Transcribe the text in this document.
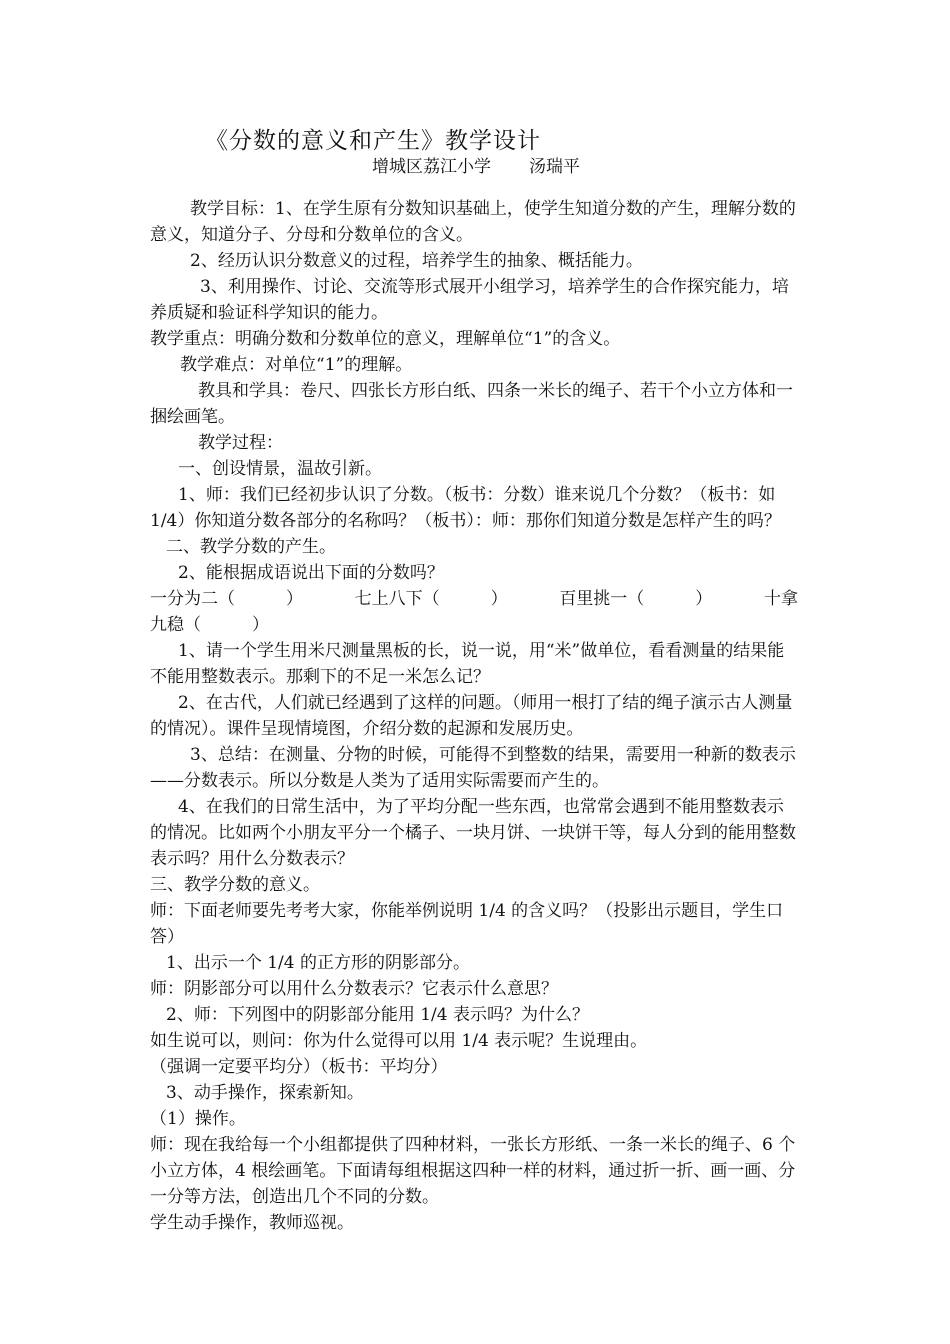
《分数的意义和产生》教学设计
增城区荔江小学 汤瑞平

教学目标：1、在学生原有分数知识基础上，使学生知道分数的产生，理解分数的意义，知道分子、分母和分数单位的含义。

2、经历认识分数意义的过程，培养学生的抽象、概括能力。

3、利用操作、讨论、交流等形式展开小组学习，培养学生的合作探究能力，培养质疑和验证科学知识的能力。

教学重点：明确分数和分数单位的意义，理解单位“1”的含义。

教学难点：对单位“1”的理解。

教具和学具：卷尺、四张长方形白纸、四条一米长的绳子、若干个小立方体和一捆绘画笔。

教学过程：

一、创设情景，温故引新。

1、师：我们已经初步认识了分数。（板书：分数）谁来说几个分数？（板书：如1/4）你知道分数各部分的名称吗？（板书）：师：那你们知道分数是怎样产生的吗？

二、教学分数的产生。

2、能根据成语说出下面的分数吗？

一分为二（　　　）	七上八下（　　　）	百里挑一（　　　）	十拿

九稳（　　　）

1、请一个学生用米尺测量黑板的长，说一说，用“米”做单位，看看测量的结果能不能用整数表示。那剩下的不足一米怎么记？

2、在古代，人们就已经遇到了这样的问题。（师用一根打了结的绳子演示古人测量的情况）。课件呈现情境图，介绍分数的起源和发展历史。

3、总结：在测量、分物的时候，可能得不到整数的结果，需要用一种新的数表示——分数表示。所以分数是人类为了适用实际需要而产生的。

4、在我们的日常生活中，为了平均分配一些东西，也常常会遇到不能用整数表示的情况。比如两个小朋友平分一个橘子、一块月饼、一块饼干等，每人分到的能用整数表示吗？用什么分数表示？

三、教学分数的意义。

师：下面老师要先考考大家，你能举例说明 1/4 的含义吗？（投影出示题目，学生口答）

1、出示一个 1/4 的正方形的阴影部分。

师：阴影部分可以用什么分数表示？它表示什么意思？

2、师：下列图中的阴影部分能用 1/4 表示吗？为什么？

如生说可以，则问：你为什么觉得可以用 1/4 表示呢？生说理由。

（强调一定要平均分）（板书：平均分）

3、动手操作，探索新知。

（1）操作。

师：现在我给每一个小组都提供了四种材料，一张长方形纸、一条一米长的绳子、6 个小立方体，4 根绘画笔。下面请每组根据这四种一样的材料，通过折一折、画一画、分一分等方法，创造出几个不同的分数。

学生动手操作，教师巡视。
